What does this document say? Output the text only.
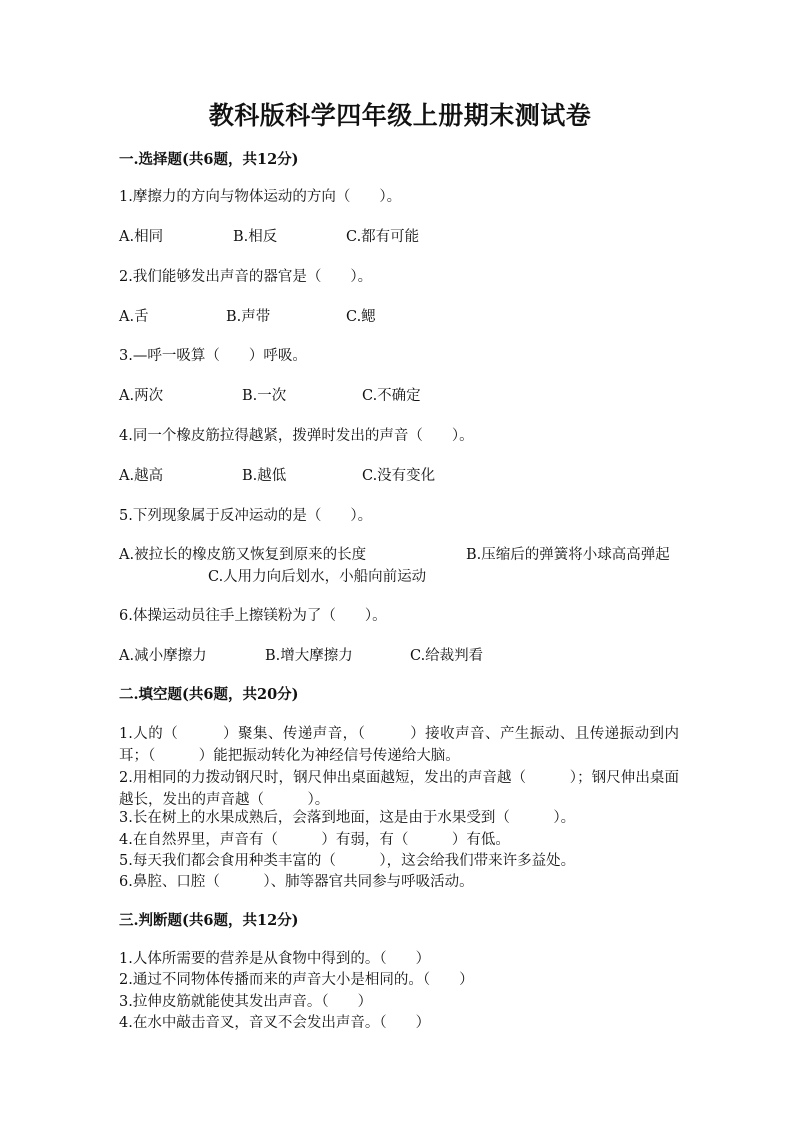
教科版科学四年级上册期末测试卷
一.选择题(共6题，共12分)
1.摩擦力的方向与物体运动的方向（　　）。
A.相同	B.相反	C.都有可能
2.我们能够发出声音的器官是（　　）。
A.舌	B.声带	C.鳃
3.—呼一吸算（　　）呼吸。
A.两次	B.一次	C.不确定
4.同一个橡皮筋拉得越紧，拨弹时发出的声音（　　）。
A.越高	B.越低	C.没有变化
5.下列现象属于反冲运动的是（　　）。
A.被拉长的橡皮筋又恢复到原来的长度	B.压缩后的弹簧将小球高高弹起
C.人用力向后划水，小船向前运动
6.体操运动员往手上擦镁粉为了（　　）。
A.减小摩擦力	B.增大摩擦力	C.给裁判看
二.填空题(共6题，共20分)
1.人的（　　　）聚集、传递声音，（　　　）接收声音、产生振动、且传递振动到内耳；（　　　）能把振动转化为神经信号传递给大脑。
2.用相同的力拨动钢尺时，钢尺伸出桌面越短，发出的声音越（　　　）；钢尺伸出桌面越长，发出的声音越（　　　）。
3.长在树上的水果成熟后，会落到地面，这是由于水果受到（　　　）。
4.在自然界里，声音有（　　　）有弱，有（　　　）有低。
5.每天我们都会食用种类丰富的（　　　），这会给我们带来许多益处。
6.鼻腔、口腔（　　　）、肺等器官共同参与呼吸活动。
三.判断题(共6题，共12分)
1.人体所需要的营养是从食物中得到的。（　　）
2.通过不同物体传播而来的声音大小是相同的。（　　）
3.拉伸皮筋就能使其发出声音。（　　）
4.在水中敲击音叉，音叉不会发出声音。（　　）
